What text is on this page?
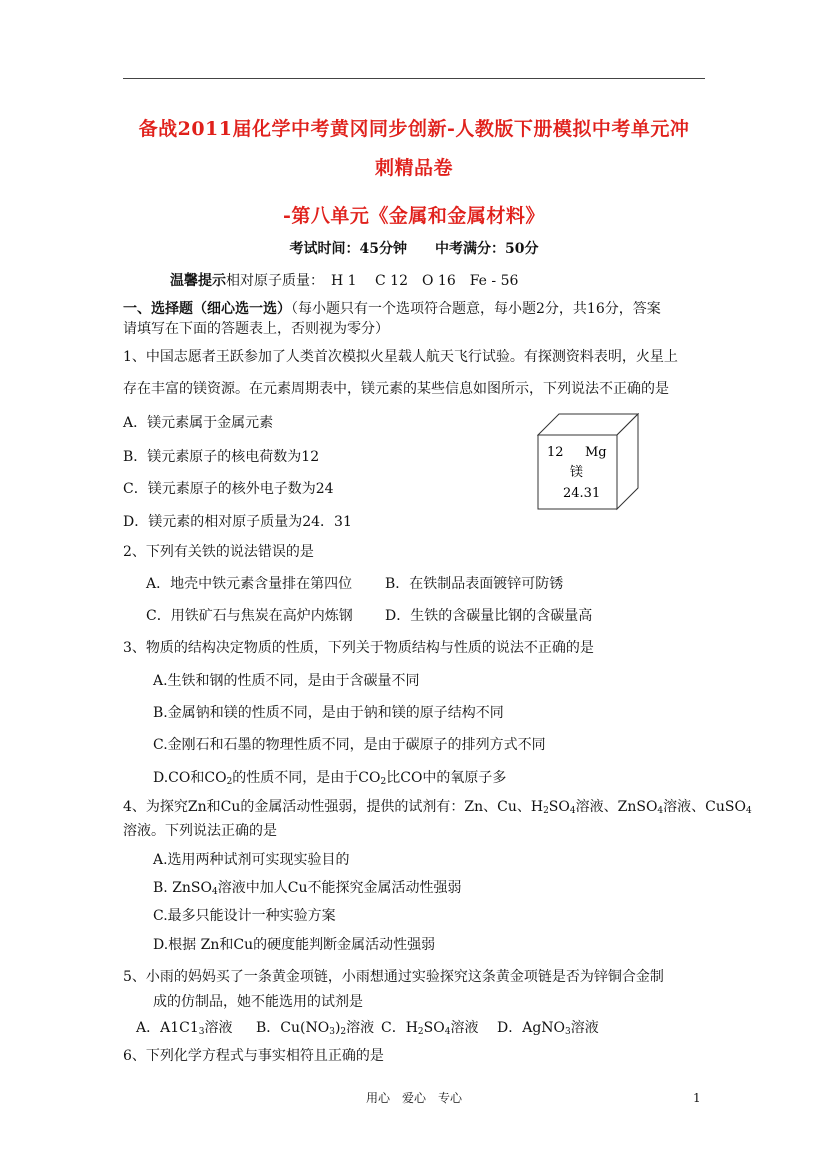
备战2011届化学中考黄冈同步创新-人教版下册模拟中考单元冲
刺精品卷
-第八单元《金属和金属材料》
考试时间：45分钟　　中考满分：50分
温馨提示相对原子质量：　H 1　 C 12　O 16　Fe - 56
一、选择题（细心选一选）（每小题只有一个选项符合题意，每小题2分，共16分，答案
请填写在下面的答题表上，否则视为零分）
1、中国志愿者王跃参加了人类首次模拟火星载人航天飞行试验。有探测资料表明，火星上
存在丰富的镁资源。在元素周期表中，镁元素的某些信息如图所示，下列说法不正确的是
A．镁元素属于金属元素
B．镁元素原子的核电荷数为12
C．镁元素原子的核外电子数为24
D．镁元素的相对原子质量为24．31
12 Mg
镁
24.31
2、下列有关铁的说法错误的是
A．地壳中铁元素含量排在第四位 B．在铁制品表面镀锌可防锈
C．用铁矿石与焦炭在高炉内炼钢 D．生铁的含碳量比钢的含碳量高
3、物质的结构决定物质的性质，下列关于物质结构与性质的说法不正确的是
A.生铁和钢的性质不同，是由于含碳量不同
B.金属钠和镁的性质不同，是由于钠和镁的原子结构不同
C.金刚石和石墨的物理性质不同，是由于碳原子的排列方式不同
D.CO和$CO_2$的性质不同，是由于$CO_2$比CO中的氧原子多
4、为探究Zn和Cu的金属活动性强弱，提供的试剂有：Zn、Cu、$H_2SO_4$溶液、ZnSO$_4$溶液、CuSO$_4$
溶液。下列说法正确的是
A.选用两种试剂可实现实验目的
B. ZnSO$_4$溶液中加人Cu不能探究金属活动性强弱
C.最多只能设计一种实验方案
D.根据 Zn和Cu的硬度能判断金属活动性强弱
5、小雨的妈妈买了一条黄金项链，小雨想通过实验探究这条黄金项链是否为锌铜合金制
成的仿制品，她不能选用的试剂是
A．$A1C1_3$溶液 B．$Cu(NO_3)_2$溶液 C．$H_2SO_4$溶液 D．AgNO$_3$溶液
6、下列化学方程式与事实相符且正确的是
用心　爱心　专心	1
